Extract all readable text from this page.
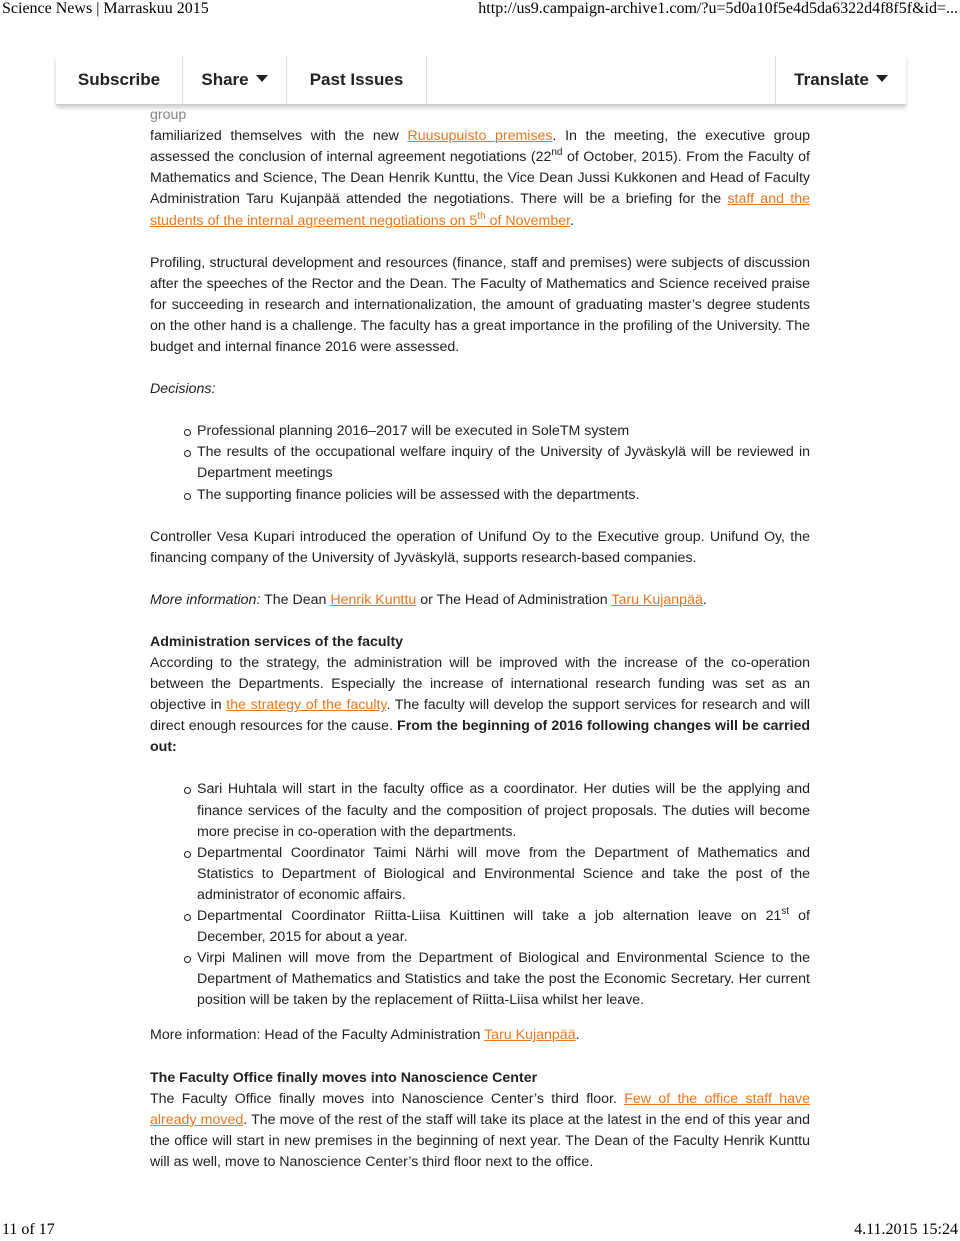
Science News | Marraskuu 2015	http://us9.campaign-archive1.com/?u=5d0a10f5e4d5da6322d4f8f5f&id=...

group

familiarized themselves with the new Ruusupuisto premises. In the meeting, the executive group assessed the conclusion of internal agreement negotiations (22nd of October, 2015). From the Faculty of Mathematics and Science, The Dean Henrik Kunttu, the Vice Dean Jussi Kukkonen and Head of Faculty Administration Taru Kujanpää attended the negotiations. There will be a briefing for the staff and the students of the internal agreement negotiations on 5th of November.

Profiling, structural development and resources (finance, staff and premises) were subjects of discussion after the speeches of the Rector and the Dean. The Faculty of Mathematics and Science received praise for succeeding in research and internationalization, the amount of graduating master’s degree students on the other hand is a challenge. The faculty has a great importance in the profiling of the University. The budget and internal finance 2016 were assessed.

Decisions:

Professional planning 2016–2017 will be executed in SoleTM system
The results of the occupational welfare inquiry of the University of Jyväskylä will be reviewed in Department meetings
The supporting finance policies will be assessed with the departments.

Controller Vesa Kupari introduced the operation of Unifund Oy to the Executive group. Unifund Oy, the financing company of the University of Jyväskylä, supports research-based companies.

More information: The Dean Henrik Kunttu or The Head of Administration Taru Kujanpää.

Administration services of the faculty

According to the strategy, the administration will be improved with the increase of the co-operation between the Departments. Especially the increase of international research funding was set as an objective in the strategy of the faculty. The faculty will develop the support services for research and will direct enough resources for the cause. From the beginning of 2016 following changes will be carried out:

Sari Huhtala will start in the faculty office as a coordinator. Her duties will be the applying and finance services of the faculty and the composition of project proposals. The duties will become more precise in co-operation with the departments.
Departmental Coordinator Taimi Närhi will move from the Department of Mathematics and Statistics to Department of Biological and Environmental Science and take the post of the administrator of economic affairs.
Departmental Coordinator Riitta-Liisa Kuittinen will take a job alternation leave on 21st of December, 2015 for about a year.
Virpi Malinen will move from the Department of Biological and Environmental Science to the Department of Mathematics and Statistics and take the post the Economic Secretary. Her current position will be taken by the replacement of Riitta-Liisa whilst her leave.

More information: Head of the Faculty Administration Taru Kujanpää.

The Faculty Office finally moves into Nanoscience Center

The Faculty Office finally moves into Nanoscience Center’s third floor. Few of the office staff have already moved. The move of the rest of the staff will take its place at the latest in the end of this year and the office will start in new premises in the beginning of next year. The Dean of the Faculty Henrik Kunttu will as well, move to Nanoscience Center’s third floor next to the office.

Subscribe	Share	Past Issues	Translate
11 of 17	4.11.2015 15:24
